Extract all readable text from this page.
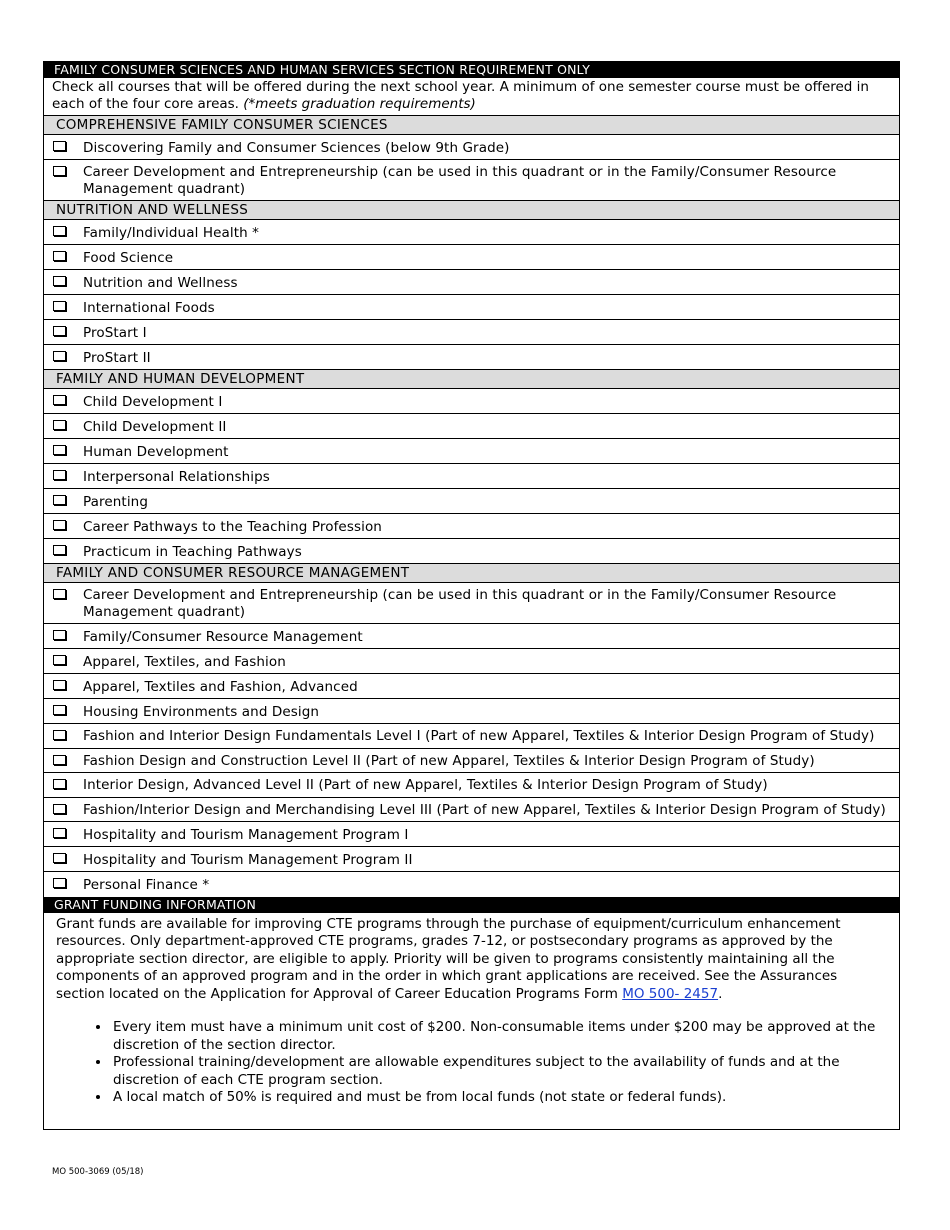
FAMILY CONSUMER SCIENCES AND HUMAN SERVICES SECTION REQUIREMENT ONLY
Check all courses that will be offered during the next school year. A minimum of one semester course must be offered in each of the four core areas. (*meets graduation requirements)
COMPREHENSIVE FAMILY CONSUMER SCIENCES
Discovering Family and Consumer Sciences (below 9th Grade)
Career Development and Entrepreneurship (can be used in this quadrant or in the Family/Consumer Resource Management quadrant)
NUTRITION AND WELLNESS
Family/Individual Health *
Food Science
Nutrition and Wellness
International Foods
ProStart I
ProStart II
FAMILY AND HUMAN DEVELOPMENT
Child Development I
Child Development II
Human Development
Interpersonal Relationships
Parenting
Career Pathways to the Teaching Profession
Practicum in Teaching Pathways
FAMILY AND CONSUMER RESOURCE MANAGEMENT
Career Development and Entrepreneurship (can be used in this quadrant or in the Family/Consumer Resource Management quadrant)
Family/Consumer Resource Management
Apparel, Textiles, and Fashion
Apparel, Textiles and Fashion, Advanced
Housing Environments and Design
Fashion and Interior Design Fundamentals Level I (Part of new Apparel, Textiles & Interior Design Program of Study)
Fashion Design and Construction Level II (Part of new Apparel, Textiles & Interior Design Program of Study)
Interior Design, Advanced Level II (Part of new Apparel, Textiles & Interior Design Program of Study)
Fashion/Interior Design and Merchandising Level III (Part of new Apparel, Textiles & Interior Design Program of Study)
Hospitality and Tourism Management Program I
Hospitality and Tourism Management Program II
Personal Finance *
GRANT FUNDING INFORMATION
Grant funds are available for improving CTE programs through the purchase of equipment/curriculum enhancement resources. Only department-approved CTE programs, grades 7-12, or postsecondary programs as approved by the appropriate section director, are eligible to apply. Priority will be given to programs consistently maintaining all the components of an approved program and in the order in which grant applications are received. See the Assurances section located on the Application for Approval of Career Education Programs Form MO 500- 2457.
• Every item must have a minimum unit cost of $200. Non-consumable items under $200 may be approved at the discretion of the section director.
• Professional training/development are allowable expenditures subject to the availability of funds and at the discretion of each CTE program section.
• A local match of 50% is required and must be from local funds (not state or federal funds).
MO 500-3069 (05/18)
